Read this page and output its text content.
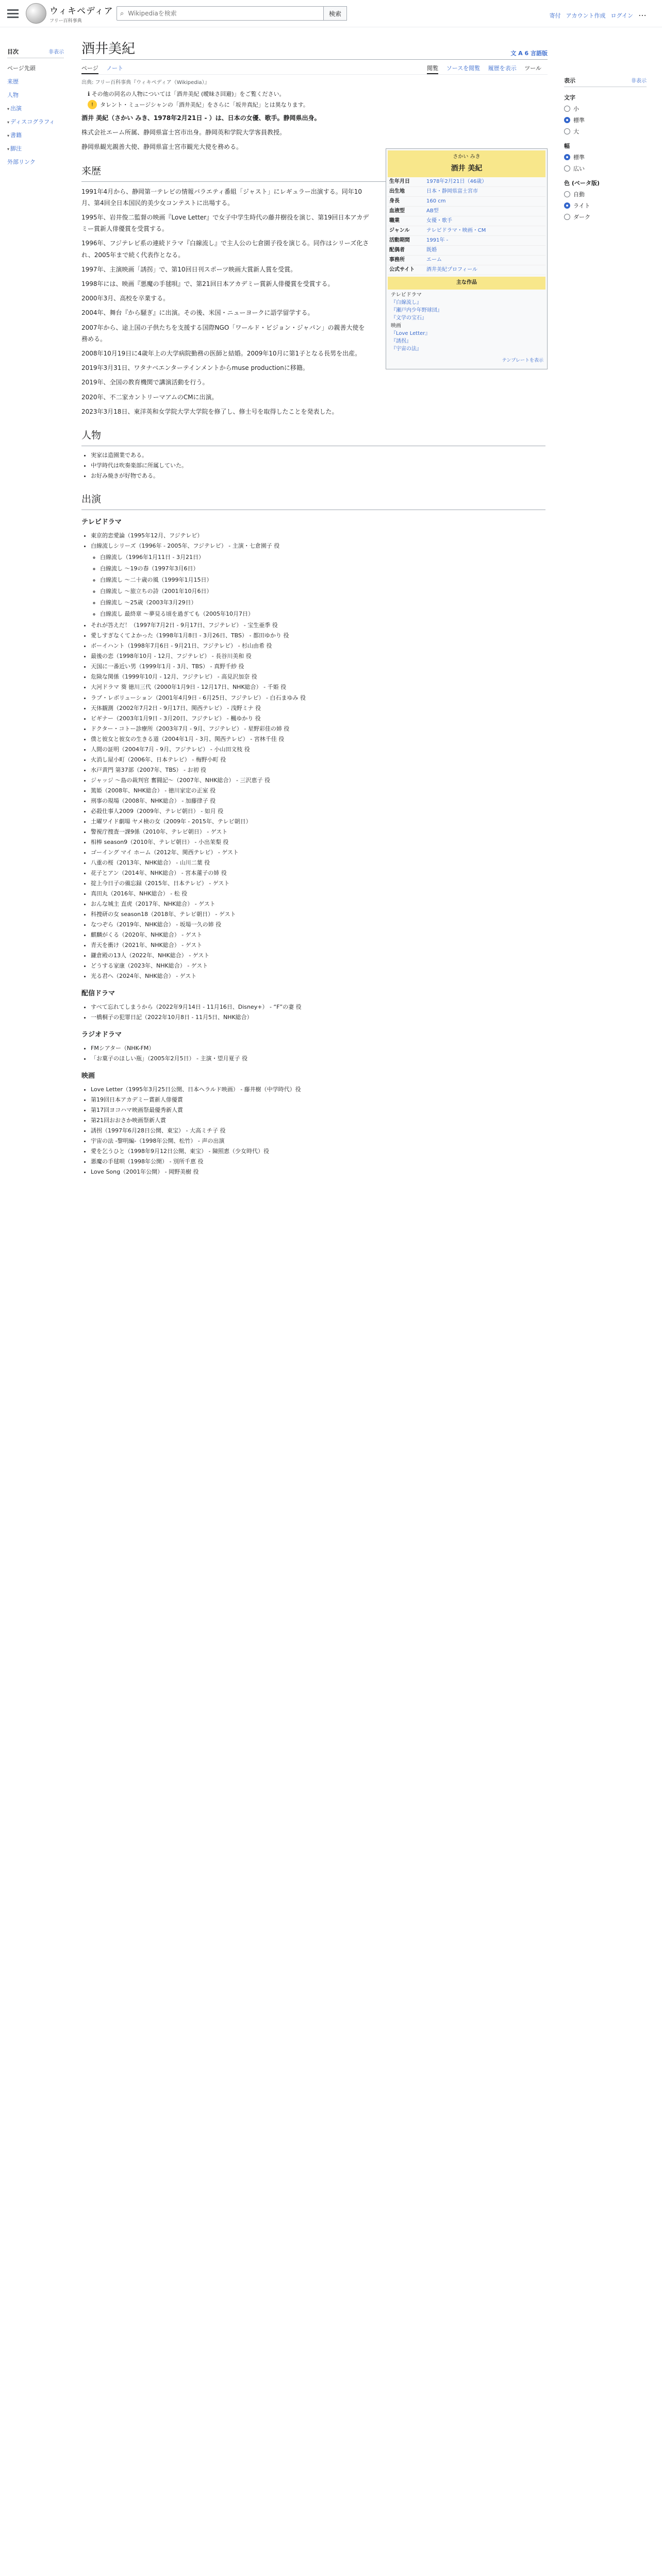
ウィキペディア
フリー百科事典
⌕
Wikipediaを検索	検索	寄付 アカウント作成 ログイン ⋯
目次	非表示
ページ先頭
来歴
人物
▾ 出演
▾ ディスコグラフィ
▾ 書籍
▾ 脚注
外部リンク
酒井美紀	文 A 6 言語版
ページ ノート	閲覧 ソースを閲覧 履歴を表示 ツール
出典: フリー百科事典『ウィキペディア（Wikipedia）』
ℹ その他の同名の人物については「酒井美紀 (曖昧さ回避)」をご覧ください。
!	タレント・ミュージシャンの「酒井美紀」をさらに「坂井真紀」とは異なります。
さかい みき
酒井 美紀
生年月日	1978年2月21日（46歳）
出生地	日本・静岡県富士宮市
身長	160 cm
血液型	AB型
職業	女優・歌手
ジャンル	テレビドラマ・映画・CM
活動期間	1991年 -
配偶者	既婚
事務所	エーム
公式サイト	酒井美紀プロフィール
主な作品
テレビドラマ
『白線流し』
『瀬戸内少年野球団』
『文学の宝石』
映画
『Love Letter』
『誘拐』
『宇宙の法』
テンプレートを表示

酒井 美紀（さかい みき、1978年2月21日 - ）は、日本の女優、歌手。静岡県出身。

株式会社エーム所属、静岡県富士宮市出身。静岡英和学院大学客員教授。

静岡県観光親善大使、静岡県富士宮市観光大使を務める。

来歴

1991年4月から、静岡第一テレビの情報バラエティ番組「ジャスト」にレギュラー出演する。同年10月、第4回全日本国民的美少女コンテストに出場する。

1995年、岩井俊二監督の映画『Love Letter』で女子中学生時代の藤井樹役を演じ、第19回日本アカデミー賞新人俳優賞を受賞する。

1996年、フジテレビ系の連続ドラマ『白線流し』で主人公の七倉園子役を演じる。同作はシリーズ化され、2005年まで続く代表作となる。

1997年、主演映画「誘拐」で、第10回日刊スポーツ映画大賞新人賞を受賞。

1998年には、映画『悪魔の手毬唄』で、第21回日本アカデミー賞新人俳優賞を受賞する。

2000年3月、高校を卒業する。

2004年、舞台『から騒ぎ』に出演。その後、米国・ニューヨークに語学留学する。

2007年から、途上国の子供たちを支援する国際NGO「ワールド・ビジョン・ジャパン」の親善大使を務める。

2008年10月19日に4歳年上の大学病院勤務の医師と結婚。2009年10月に第1子となる長男を出産。

2019年3月31日、ワタナベエンターテインメントからmuse productionに移籍。

2019年、全国の教育機関で講演活動を行う。

2020年、不二家カントリーマアムのCMに出演。

2023年3月18日、東洋英和女学院大学大学院を修了し、修士号を取得したことを発表した。

人物
• 実家は造園業である。
• 中学時代は吹奏楽部に所属していた。
• お好み焼きが好物である。
出演
テレビドラマ
• 東京的恋愛論（1995年12月、フジテレビ）
• 白線流しシリーズ（1996年 - 2005年、フジテレビ） - 主演・七倉園子 役
◦ 白線流し（1996年1月11日 - 3月21日）
◦ 白線流し ～19の春（1997年3月6日）
◦ 白線流し ～二十歳の風（1999年1月15日）
◦ 白線流し ～旅立ちの詩（2001年10月6日）
◦ 白線流し ～25歳（2003年3月29日）
◦ 白線流し 最終章 ～夢見る頃を過ぎても（2005年10月7日）
• それが答えだ！（1997年7月2日 - 9月17日、フジテレビ） - 宝生亜季 役
• 愛しすぎなくてよかった（1998年1月8日 - 3月26日、TBS） - 都田ゆかり 役
• ボーイハント（1998年7月6日 - 9月21日、フジテレビ） - 杉山由希 役
• 最後の恋（1998年10月 - 12月、フジテレビ） - 長谷川美和 役
• 天国に一番近い男（1999年1月 - 3月、TBS） - 真野千紗 役
• 危険な関係（1999年10月 - 12月、フジテレビ） - 高見沢加奈 役
• 大河ドラマ 葵 徳川三代（2000年1月9日 - 12月17日、NHK総合） - 千姫 役
• ラブ・レボリューション（2001年4月9日 - 6月25日、フジテレビ） - 白石まゆみ 役
• 天体観測（2002年7月2日 - 9月17日、関西テレビ） - 浅野ミナ 役
• ビギナー（2003年1月9日 - 3月20日、フジテレビ） - 楓ゆかり 役
• ドクター・コトー診療所（2003年7月 - 9月、フジテレビ） - 星野彩佳の姉 役
• 僕と彼女と彼女の生きる道（2004年1月 - 3月、関西テレビ） - 宮林千佳 役
• 人間の証明（2004年7月 - 9月、フジテレビ） - 小山田文枝 役
• 火消し屋小町（2006年、日本テレビ） - 梅野小町 役
• 水戸黄門 第37部（2007年、TBS） - お初 役
• ジャッジ ～島の裁判官 奮闘記～（2007年、NHK総合） - 三沢恵子 役
• 篤姫（2008年、NHK総合） - 徳川家定の正室 役
• 刑事の現場（2008年、NHK総合） - 加藤律子 役
• 必殺仕事人2009（2009年、テレビ朝日） - 如月 役
• 土曜ワイド劇場 ヤメ検の女（2009年 - 2015年、テレビ朝日）
• 警視庁捜査一課9係（2010年、テレビ朝日） - ゲスト
• 相棒 season9（2010年、テレビ朝日） - 小出茉梨 役
• ゴーイング マイ ホーム（2012年、関西テレビ） - ゲスト
• 八重の桜（2013年、NHK総合） - 山川二葉 役
• 花子とアン（2014年、NHK総合） - 宮本蓮子の姉 役
• 掟上今日子の備忘録（2015年、日本テレビ） - ゲスト
• 真田丸（2016年、NHK総合） - 松 役
• おんな城主 直虎（2017年、NHK総合） - ゲスト
• 科捜研の女 season18（2018年、テレビ朝日） - ゲスト
• なつぞら（2019年、NHK総合） - 坂場一久の姉 役
• 麒麟がくる（2020年、NHK総合） - ゲスト
• 青天を衝け（2021年、NHK総合） - ゲスト
• 鎌倉殿の13人（2022年、NHK総合） - ゲスト
• どうする家康（2023年、NHK総合） - ゲスト
• 光る君へ（2024年、NHK総合） - ゲスト
配信ドラマ
• すべて忘れてしまうから（2022年9月14日 - 11月16日、Disney+） - “F”の妻 役
• 一橋桐子の犯罪日記（2022年10月8日 - 11月5日、NHK総合）
ラジオドラマ
• FMシアター（NHK-FM）
• 「お菓子のほしい瓶」（2005年2月5日） - 主演・望月夏子 役
映画
• Love Letter（1995年3月25日公開、日本ヘラルド映画） - 藤井樹（中学時代）役
• 第19回日本アカデミー賞新人俳優賞
• 第17回ヨコハマ映画祭最優秀新人賞
• 第21回おおさか映画祭新人賞
• 誘拐（1997年6月28日公開、東宝） - 大高ミチ子 役
• 宇宙の法 -黎明編-（1998年公開、松竹） - 声の出演
• 愛を乞うひと（1998年9月12日公開、東宝） - 陳照恵（少女時代）役
• 悪魔の手毬唄（1998年公開） - 別所千恵 役
• Love Song（2001年公開） - 岡野美樹 役
表示	非表示
文字
小
標準
大
幅
標準
広い
色 (ベータ版)
自動
ライト
ダーク
